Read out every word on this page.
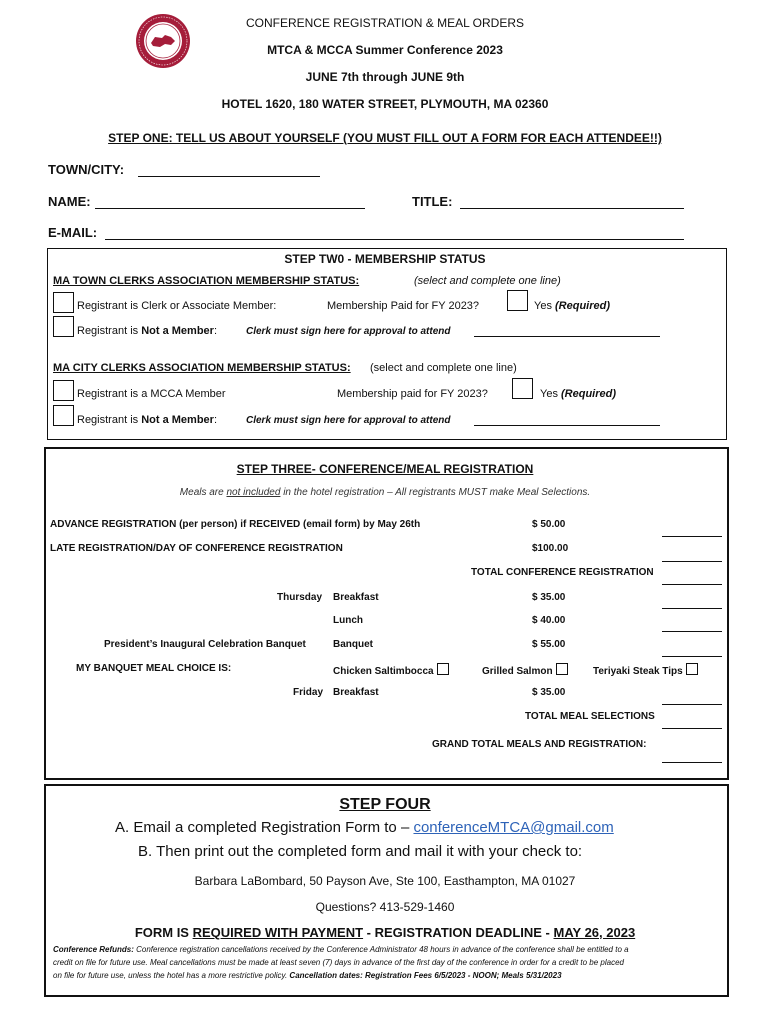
CONFERENCE REGISTRATION & MEAL ORDERS
MTCA & MCCA Summer Conference 2023
JUNE 7th through JUNE 9th
HOTEL 1620, 180 WATER STREET, PLYMOUTH, MA 02360
STEP ONE: TELL US ABOUT YOURSELF (YOU MUST FILL OUT A FORM FOR EACH ATTENDEE!!)
TOWN/CITY:
NAME:	TITLE:
E-MAIL:
STEP TW0 - MEMBERSHIP STATUS
MA TOWN CLERKS ASSOCIATION MEMBERSHIP STATUS:	(select and complete one line)
Registrant is Clerk or Associate Member:	Membership Paid for FY 2023?	Yes (Required)
Registrant is Not a Member:	Clerk must sign here for approval to attend
MA CITY CLERKS ASSOCIATION MEMBERSHIP STATUS: (select and complete one line)
Registrant is a MCCA Member	Membership paid for FY 2023?	Yes (Required)
Registrant is Not a Member:	Clerk must sign here for approval to attend
STEP THREE- CONFERENCE/MEAL REGISTRATION
Meals are not included in the hotel registration – All registrants MUST make Meal Selections.
ADVANCE REGISTRATION (per person) if RECEIVED (email form) by May 26th	$ 50.00
LATE REGISTRATION/DAY OF CONFERENCE REGISTRATION	$100.00
TOTAL CONFERENCE REGISTRATION
Thursday Breakfast	$ 35.00
Lunch	$ 40.00
President’s Inaugural Celebration Banquet	Banquet	$ 55.00
MY BANQUET MEAL CHOICE IS:	Chicken Saltimbocca	Grilled Salmon	Teriyaki Steak Tips
Friday Breakfast	$ 35.00
TOTAL MEAL SELECTIONS
GRAND TOTAL MEALS AND REGISTRATION:
STEP FOUR
A. Email a completed Registration Form to – conferenceMTCA@gmail.com
B. Then print out the completed form and mail it with your check to:
Barbara LaBombard, 50 Payson Ave, Ste 100, Easthampton, MA 01027
Questions? 413-529-1460
FORM IS REQUIRED WITH PAYMENT - REGISTRATION DEADLINE - MAY 26, 2023
Conference Refunds: Conference registration cancellations received by the Conference Administrator 48 hours in advance of the conference shall be entitled to a
credit on file for future use. Meal cancellations must be made at least seven (7) days in advance of the first day of the conference in order for a credit to be placed
on file for future use, unless the hotel has a more restrictive policy. Cancellation dates: Registration Fees 6/5/2023 - NOON; Meals 5/31/2023
